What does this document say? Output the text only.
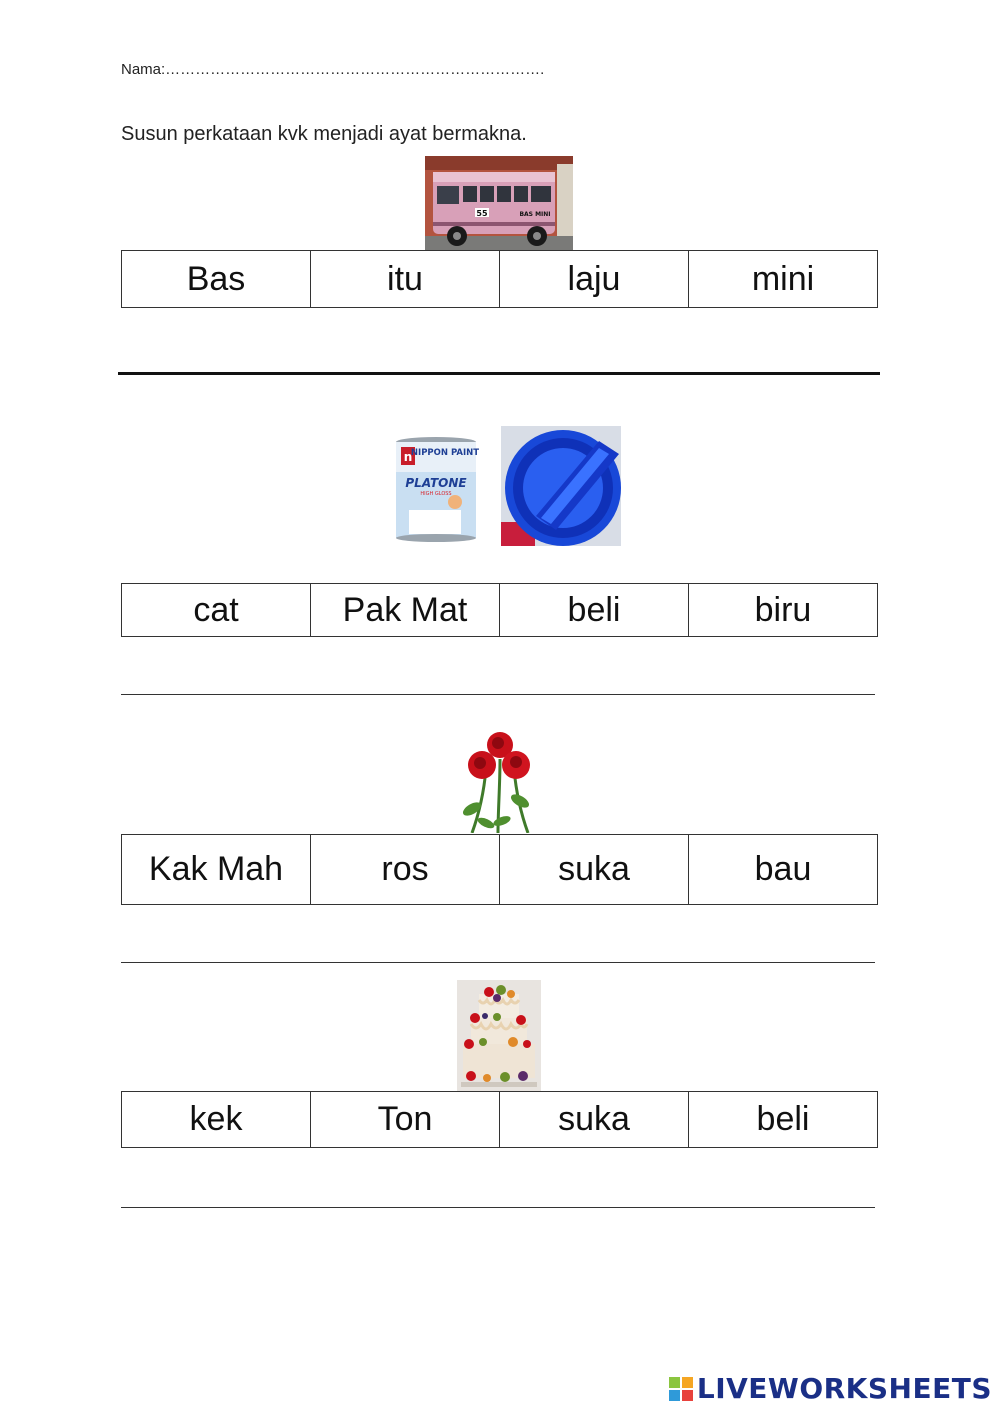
Nama:………………………………………………………………….
Susun perkataan kvk menjadi ayat bermakna.
55	BAS MINI
Bas	itu	laju	mini
n
NIPPON PAINT
PLATONE
HIGH GLOSS
cat	Pak Mat	beli	biru
Kak Mah	ros	suka	bau
kek	Ton	suka	beli
LIVEWORKSHEETS
